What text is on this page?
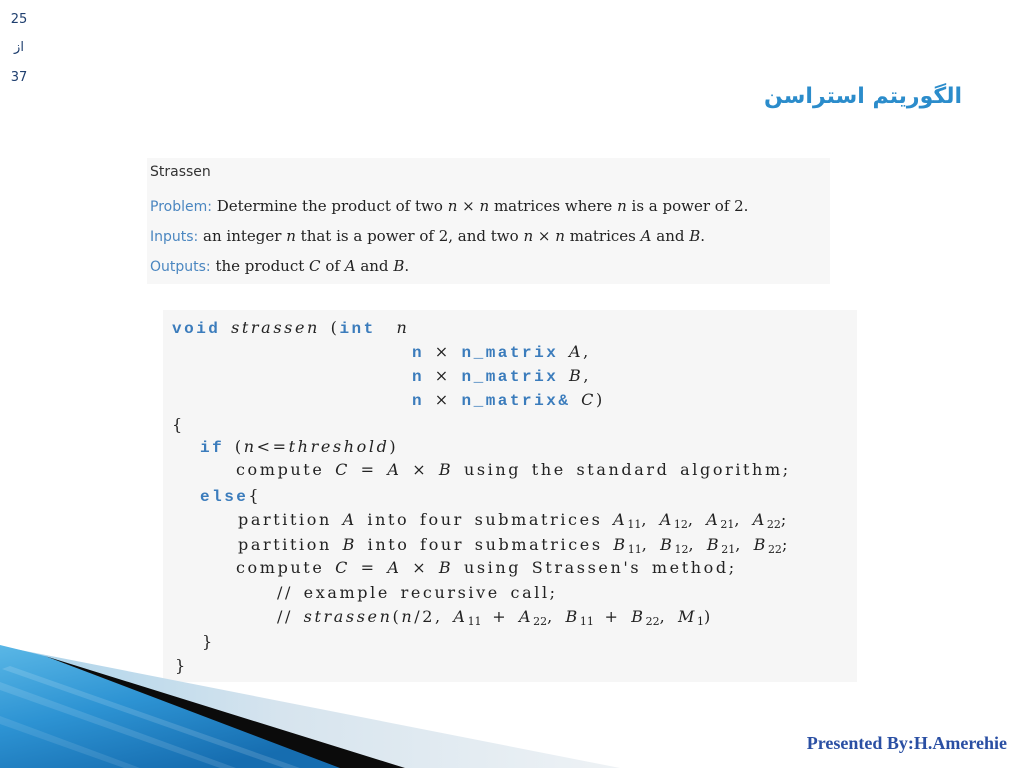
25
از
37
الگوریتم استراسن
Strassen
Problem: Determine the product of two n × n matrices where n is a power of 2.
Inputs: an integer n that is a power of 2, and two n × n matrices A and B.
Outputs: the product C of A and B.
void strassen (int n
n × n_matrix A,
n × n_matrix B,
n × n_matrix& C)
{
if (n<=threshold)
compute C = A × B using the standard algorithm;
else{
partition A into four submatrices $A_{11}$, $A_{12}$, $A_{21}$, $A_{22}$;
partition B into four submatrices $B_{11}$, $B_{12}$, $B_{21}$, $B_{22}$;
compute C = A × B using Strassen's method;
// example recursive call;
// strassen(n/2, $A_{11} + A_{22}$, $B_{11} + B_{22}$, $M_1$)
}
}
Presented By:H.Amerehie
